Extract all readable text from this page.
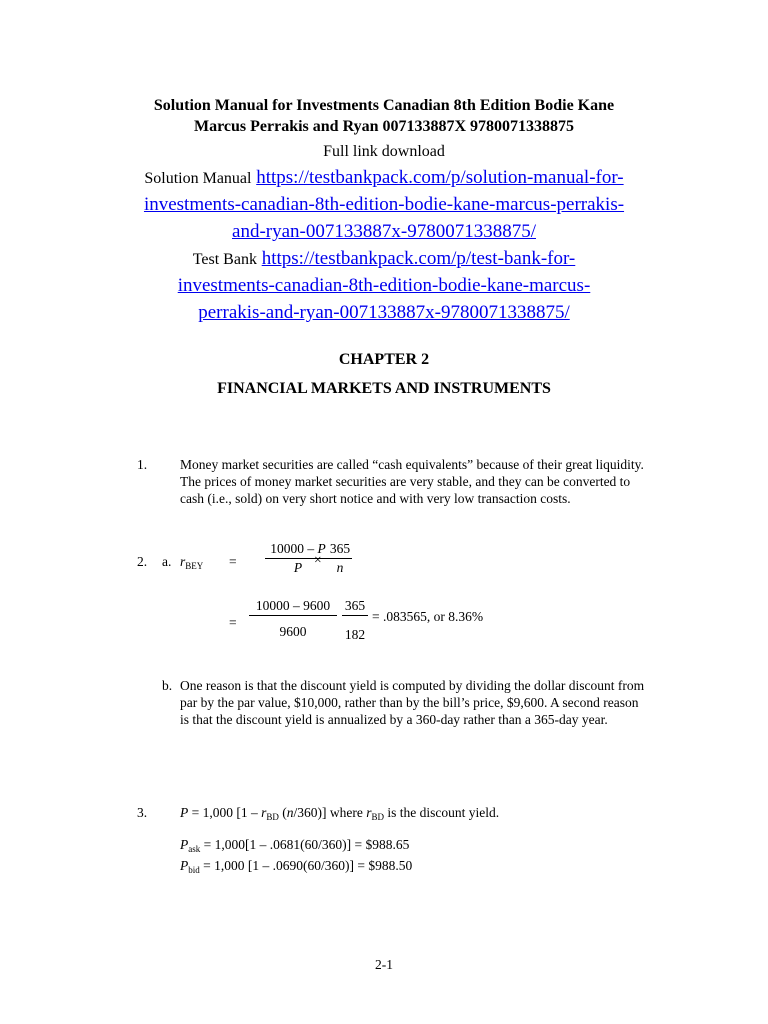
Solution Manual for Investments Canadian 8th Edition Bodie Kane
Marcus Perrakis and Ryan 007133887X 9780071338875
Full link download
Solution Manual https://testbankpack.com/p/solution-manual-for-
investments-canadian-8th-edition-bodie-kane-marcus-perrakis-
and-ryan-007133887x-9780071338875/
Test Bank https://testbankpack.com/p/test-bank-for-
investments-canadian-8th-edition-bodie-kane-marcus-
perrakis-and-ryan-007133887x-9780071338875/
CHAPTER 2
FINANCIAL MARKETS AND INSTRUMENTS
1. Money market securities are called “cash equivalents” because of their great liquidity. The prices of money market securities are very stable, and they can be converted to cash (i.e., sold) on very short notice and with very low transaction costs.
2. a. $r_{BEY}$ =
10000 – P
P
×
365
n
=
10000 – 9600
9600
365
182
= .083565, or 8.36%
b. One reason is that the discount yield is computed by dividing the dollar discount from par by the par value, $10,000, rather than by the bill’s price, $9,600. A second reason is that the discount yield is annualized by a 360-day rather than a 365-day year.
3. P = 1,000 [$1 - r_{BD}$ (n/360)] where $r_{BD}$ is the discount yield.
$P_{ask} = 1,000[1 - .0681(60/360)]$ = $988.65
$P_{bid} = 1,000$ [1 – .0690(60/360)] = $988.50
2-1
